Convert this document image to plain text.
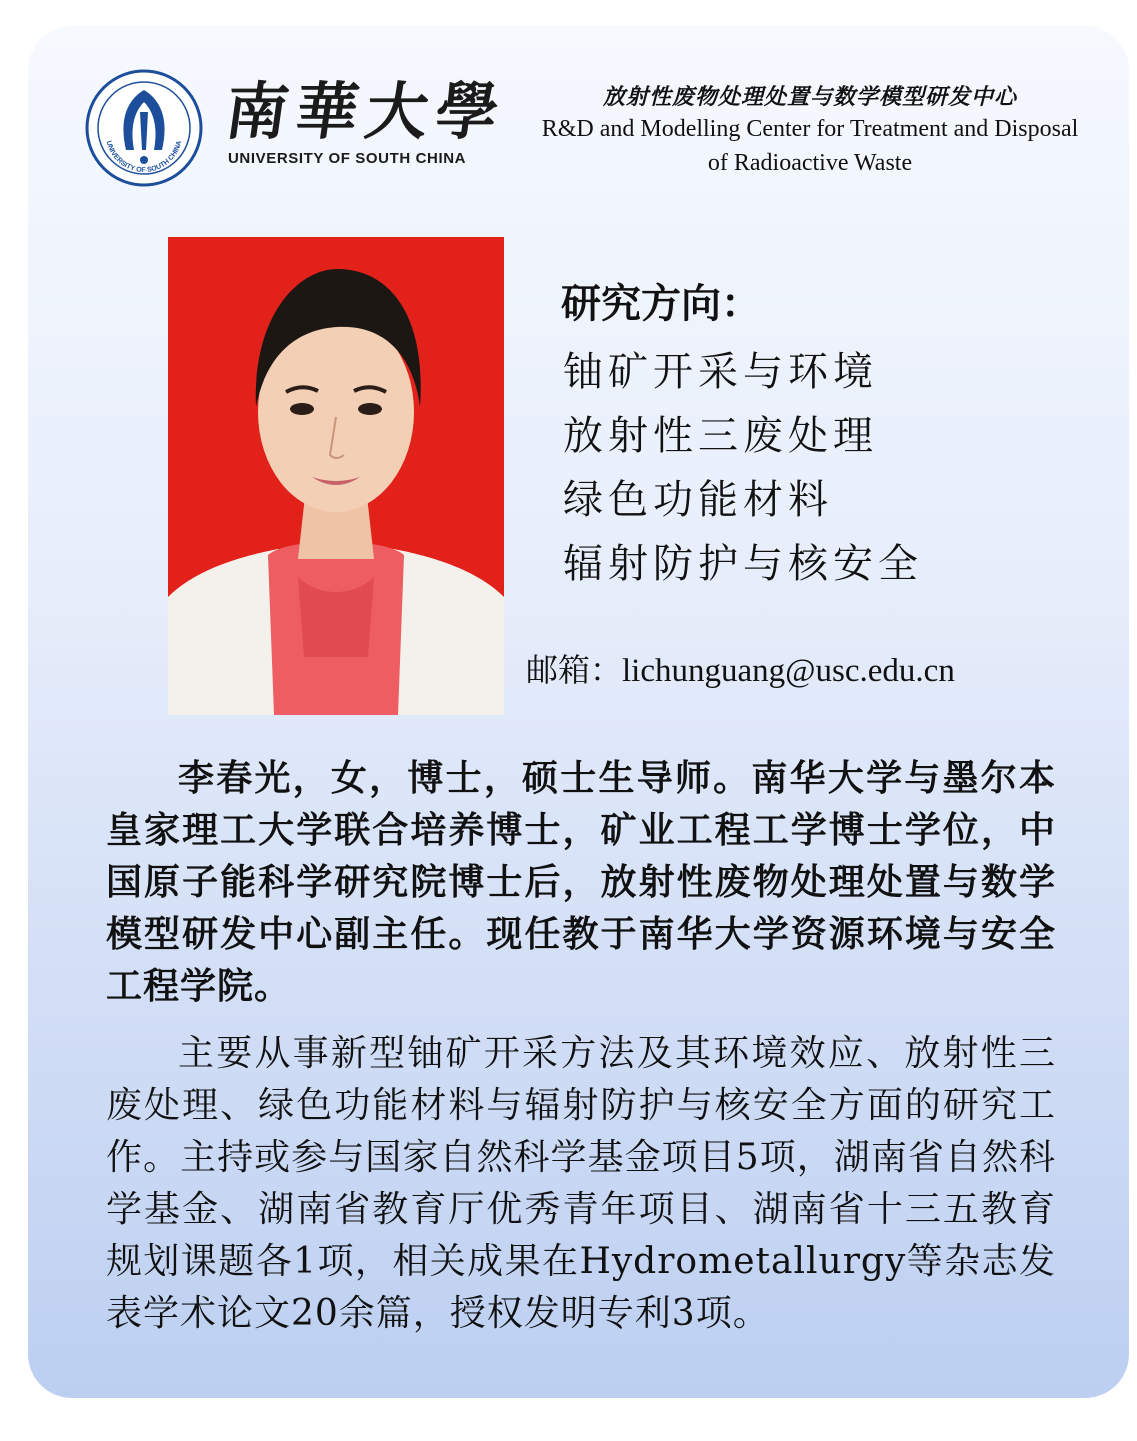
UNIVERSITY OF SOUTH CHINA 南華大學
UNIVERSITY OF SOUTH CHINA
放射性废物处理处置与数学模型研发中心
R&D and Modelling Center for Treatment and Disposal of Radioactive Waste
研究方向：
铀矿开采与环境
放射性三废处理
绿色功能材料
辐射防护与核安全
邮箱：lichunguang@usc.edu.cn

李春光，女，博士，硕士生导师。南华大学与墨尔本皇家理工大学联合培养博士，矿业工程工学博士学位，中国原子能科学研究院博士后，放射性废物处理处置与数学模型研发中心副主任。现任教于南华大学资源环境与安全工程学院。

主要从事新型铀矿开采方法及其环境效应、放射性三废处理、绿色功能材料与辐射防护与核安全方面的研究工作。主持或参与国家自然科学基金项目5项，湖南省自然科学基金、湖南省教育厅优秀青年项目、湖南省十三五教育规划课题各1项，相关成果在Hydrometallurgy等杂志发表学术论文20余篇，授权发明专利3项。
